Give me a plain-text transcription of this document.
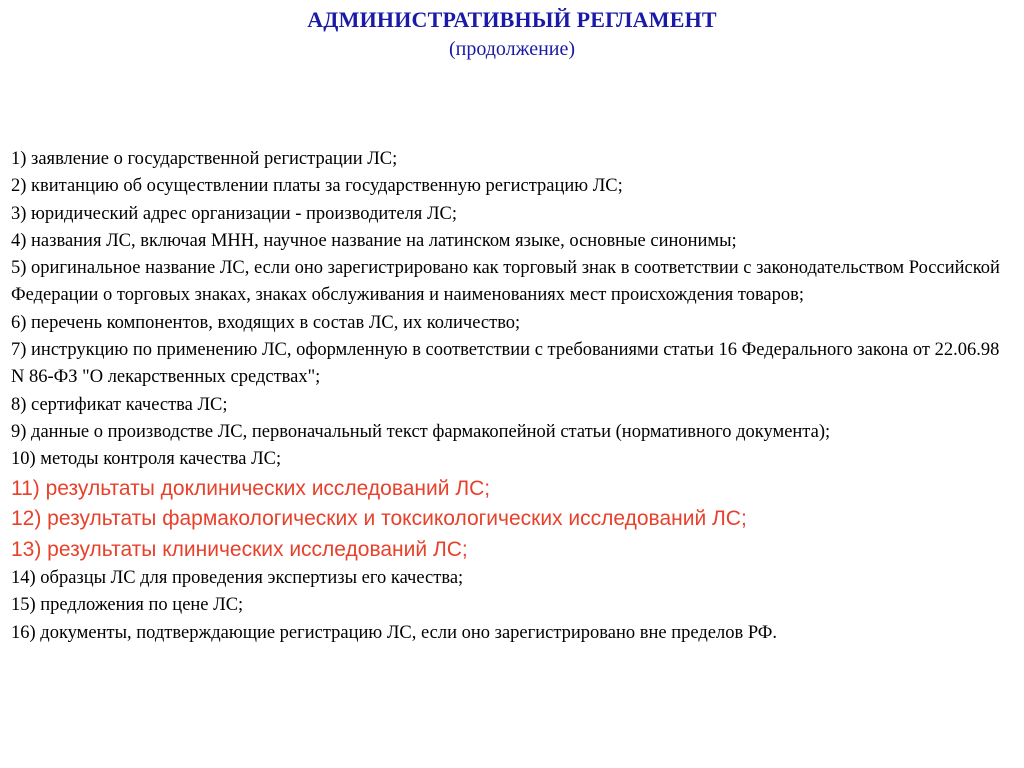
АДМИНИСТРАТИВНЫЙ РЕГЛАМЕНТ

(продолжение)

1) заявление о государственной регистрации ЛС;
2) квитанцию об осуществлении платы за государственную регистрацию ЛС;
3) юридический адрес организации - производителя ЛС;
4) названия ЛС, включая МНН, научное название на латинском языке, основные синонимы;
5) оригинальное название ЛС, если оно зарегистрировано как торговый знак в соответствии с законодательством Российской Федерации о торговых знаках, знаках обслуживания и наименованиях мест происхождения товаров;
6) перечень компонентов, входящих в состав ЛС, их количество;
7) инструкцию по применению ЛС, оформленную в соответствии с требованиями статьи 16 Федерального закона от 22.06.98 N 86-ФЗ "О лекарственных средствах";
8) сертификат качества ЛС;
9) данные о производстве ЛС, первоначальный текст фармакопейной статьи (нормативного документа);
10) методы контроля качества ЛС;
11) результаты доклинических исследований ЛС;
12) результаты фармакологических и токсикологических исследований ЛС;
13) результаты клинических исследований ЛС;
14) образцы ЛС для проведения экспертизы его качества;
15) предложения по цене ЛС;
16) документы, подтверждающие регистрацию ЛС, если оно зарегистрировано вне пределов РФ.
